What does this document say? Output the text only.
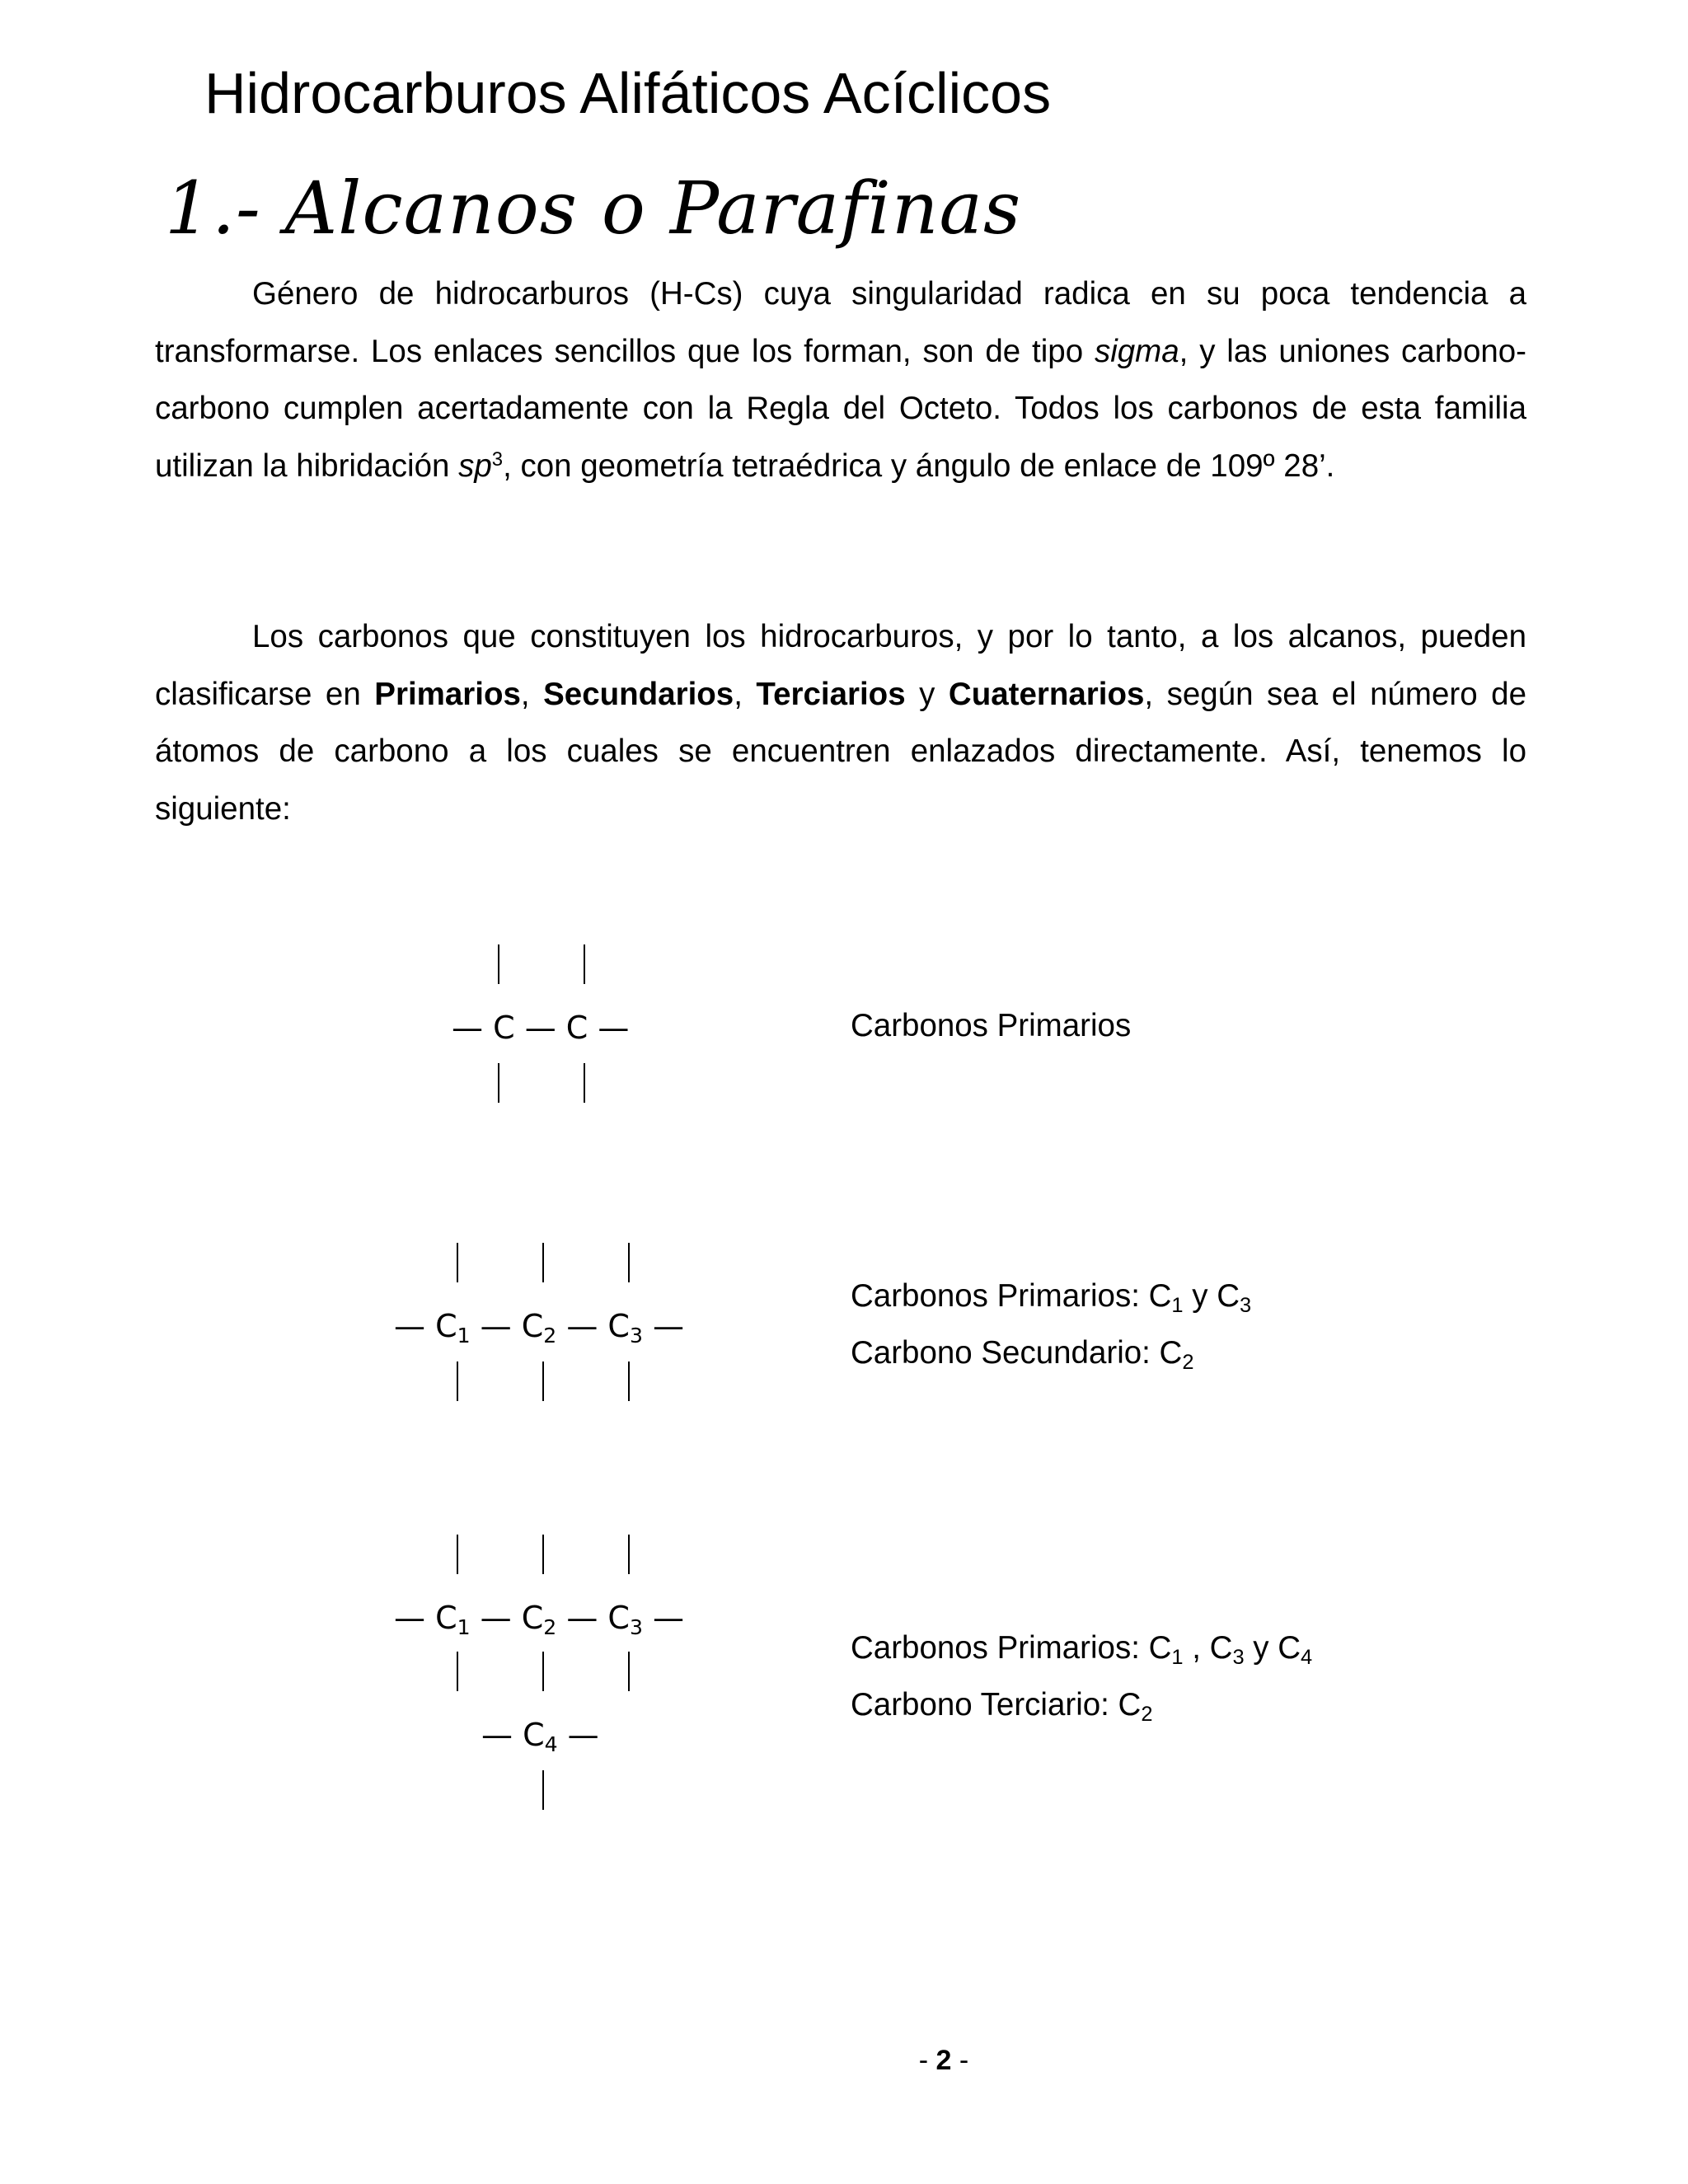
Hidrocarburos Alifáticos Acíclicos
1.- Alcanos o Parafinas

Género de hidrocarburos (H-Cs) cuya singularidad radica en su poca tendencia a transformarse. Los enlaces sencillos que los forman, son de tipo sigma, y las uniones carbono-carbono cumplen acertadamente con la Regla del Octeto. Todos los carbonos de esta familia utilizan la hibridación $sp^3$, con geometría tetraédrica y ángulo de enlace de 109º 28’.

Los carbonos que constituyen los hidrocarburos, y por lo tanto, a los alcanos, pueden clasificarse en Primarios, Secundarios, Terciarios y Cuaternarios, según sea el número de átomos de carbono a los cuales se encuentren enlazados directamente. Así, tenemos lo siguiente:

— C — C —	Carbonos Primarios
— $C_1$ — $C_2$ — $C_3$ —
Carbonos Primarios: $C_1$ y $C_3$
Carbono Secundario: $C_2$
— $C_1$ — $C_2$ — $C_3$ —
— $C_4$ —
Carbonos Primarios: $C_1$ , $C_3$ y $C_4$
Carbono Terciario: $C_2$
- 2 -
